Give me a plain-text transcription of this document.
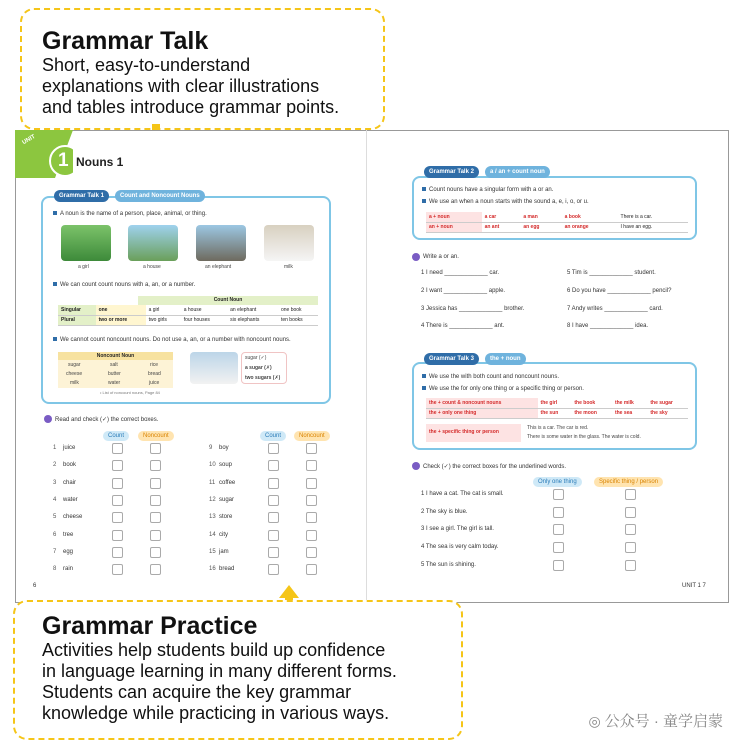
Grammar Talk
Short, easy-to-understand
explanations with clear illustrations
and tables introduce grammar points.
UNIT
1 Nouns 1
Grammar Talk 1	Count and Noncount Nouns
A noun is the name of a person, place, animal, or thing.
a girl	a house	an elephant	milk
We can count count nouns with a, an, or a number.
Count Noun
Singular	one	a girl	a house	an elephant	one book
Plural	two or more	two girls	four houses	six elephants	ten books
We cannot count noncount nouns. Do not use a, an, or a number with noncount nouns.
Noncount Noun
sugar	salt	rice
cheese	butter	bread
milk	water	juice
sugar (✓)
a sugar (✗)
two sugars (✗)
• List of noncount nouns, Page 84
Read and check (✓) the correct boxes.
Count	Noncount	Count	Noncount
1 juice
2 book
3 chair
4 water
5 cheese
6 tree
7 egg
8 rain
9 boy
10 soup
11 coffee
12 sugar
13 store
14 city
15 jam
16 bread
6
Grammar Talk 2	a / an + count noun
Count nouns have a singular form with a or an.
We use an when a noun starts with the sound a, e, i, o, or u.
a + noun	a car	a man	a book	There is a car.
an + noun	an ant	an egg	an orange	I have an egg.
Write a or an.
1 I need _____________ car.
2 I want _____________ apple.
3 Jessica has _____________ brother.
4 There is _____________ ant.
5 Tim is _____________ student.
6 Do you have _____________ pencil?
7 Andy writes _____________ card.
8 I have _____________ idea.
Grammar Talk 3	the + noun
We use the with both count and noncount nouns.
We use the for only one thing or a specific thing or person.
the + count & noncount nouns	the girl	the book	the milk	the sugar
the + only one thing	the sun	the moon	the sea	the sky
the + specific thing or person
This is a car. The car is red.
There is some water in the glass. The water is cold.
Check (✓) the correct boxes for the underlined words.
Only one thing	Specific thing / person
1 I have a cat. The cat is small.
2 The sky is blue.
3 I see a girl. The girl is tall.
4 The sea is very calm today.
5 The sun is shining.
UNIT 1 7
Grammar Practice
Activities help students build up confidence
in language learning in many different forms.
Students can acquire the key grammar
knowledge while practicing in various ways.	◎ 公众号 · 童学启蒙
